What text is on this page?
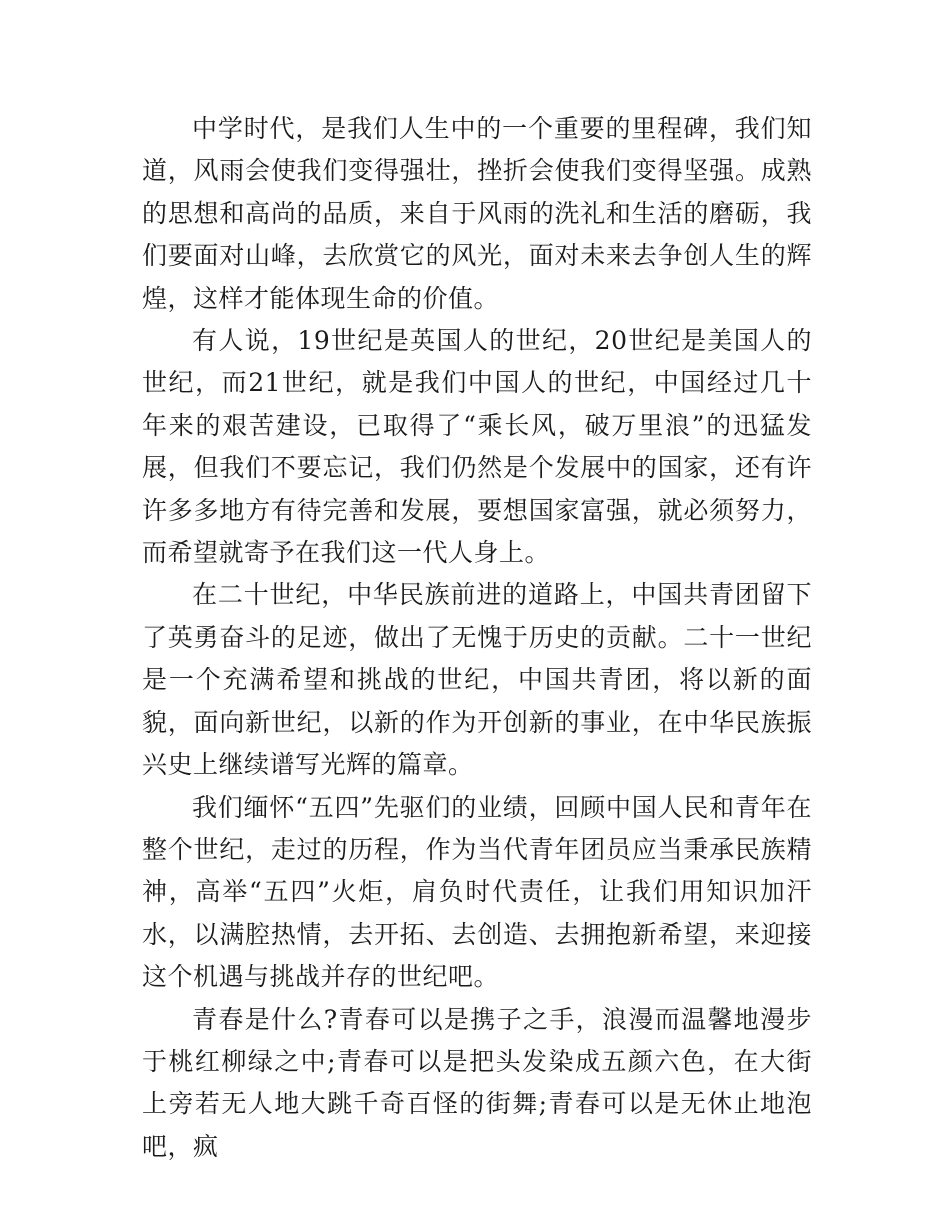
中学时代，是我们人生中的一个重要的里程碑，我们知道，风雨会使我们变得强壮，挫折会使我们变得坚强。成熟的思想和高尚的品质，来自于风雨的洗礼和生活的磨砺，我们要面对山峰，去欣赏它的风光，面对未来去争创人生的辉煌，这样才能体现生命的价值。

有人说，19世纪是英国人的世纪，20世纪是美国人的世纪，而21世纪，就是我们中国人的世纪，中国经过几十年来的艰苦建设，已取得了“乘长风，破万里浪”的迅猛发展，但我们不要忘记，我们仍然是个发展中的国家，还有许许多多地方有待完善和发展，要想国家富强，就必须努力，而希望就寄予在我们这一代人身上。

在二十世纪，中华民族前进的道路上，中国共青团留下了英勇奋斗的足迹，做出了无愧于历史的贡献。二十一世纪是一个充满希望和挑战的世纪，中国共青团，将以新的面貌，面向新世纪，以新的作为开创新的事业，在中华民族振兴史上继续谱写光辉的篇章。

我们缅怀“五四”先驱们的业绩，回顾中国人民和青年在整个世纪，走过的历程，作为当代青年团员应当秉承民族精神，高举“五四”火炬，肩负时代责任，让我们用知识加汗水，以满腔热情，去开拓、去创造、去拥抱新希望，来迎接这个机遇与挑战并存的世纪吧。

青春是什么?青春可以是携子之手，浪漫而温馨地漫步于桃红柳绿之中;青春可以是把头发染成五颜六色，在大街上旁若无人地大跳千奇百怪的街舞;青春可以是无休止地泡吧，疯
